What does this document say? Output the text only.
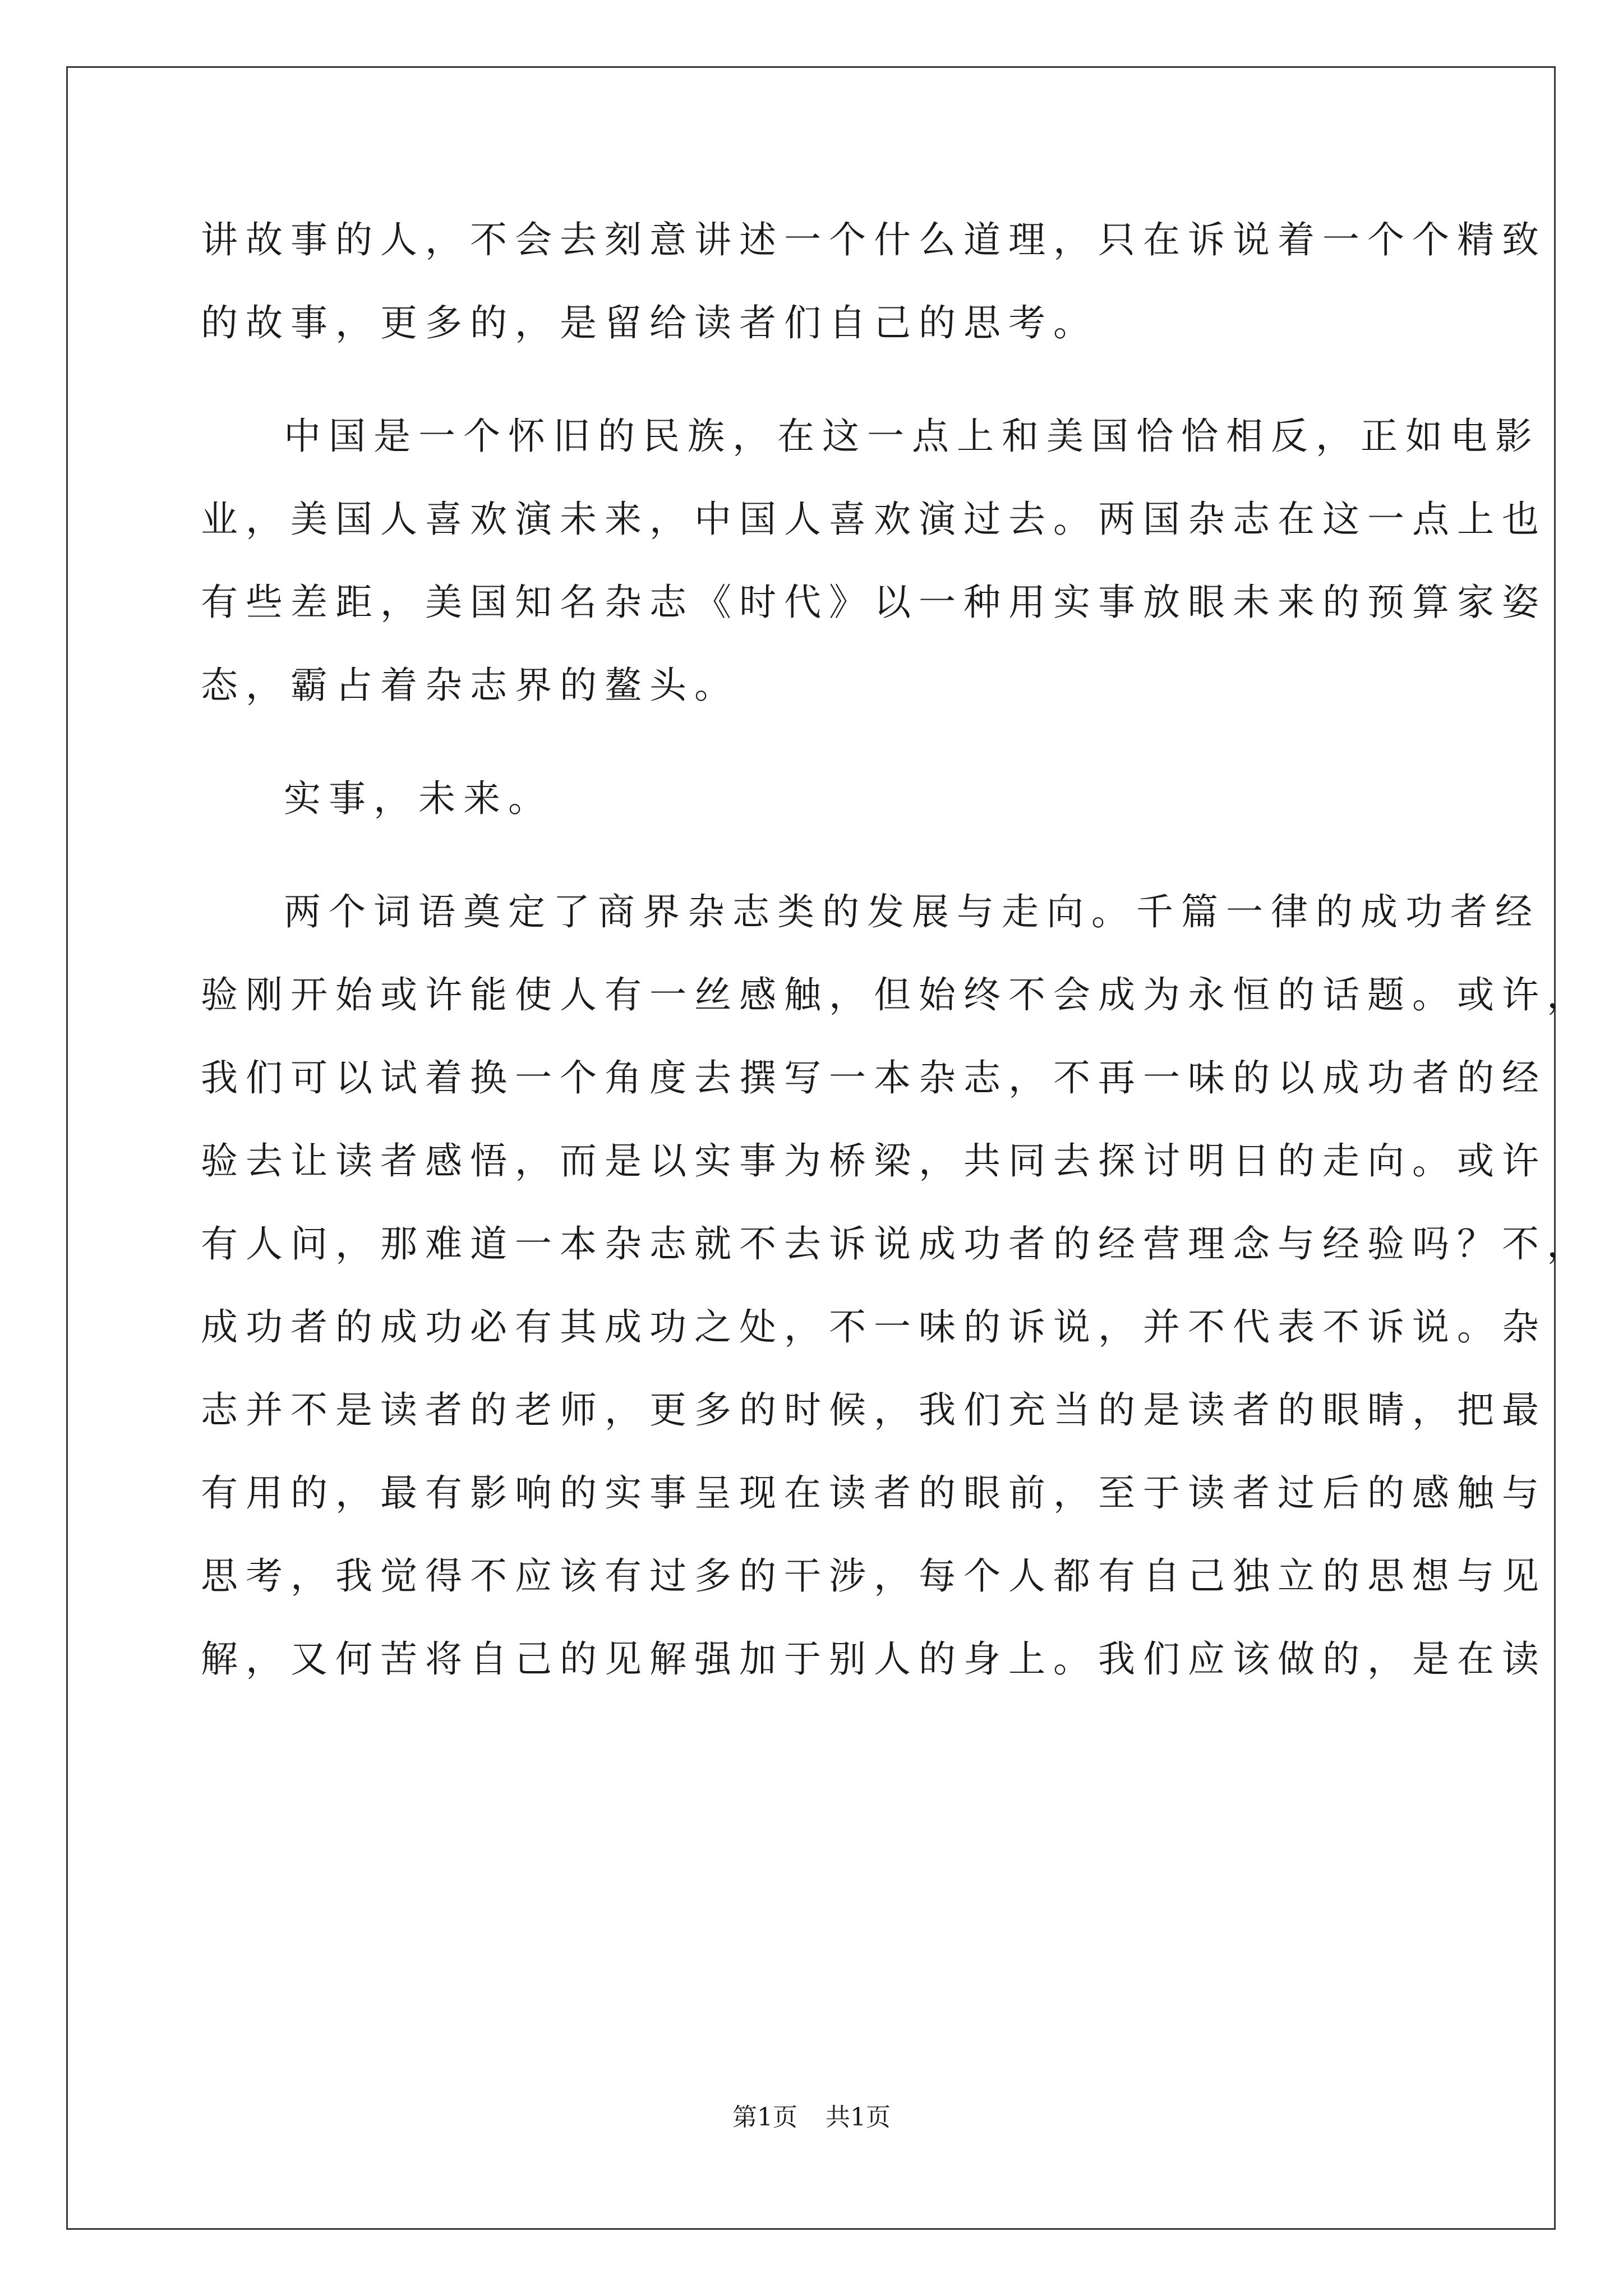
讲故事的人，不会去刻意讲述一个什么道理，只在诉说着一个个精致
的故事，更多的，是留给读者们自己的思考。
中国是一个怀旧的民族，在这一点上和美国恰恰相反，正如电影
业，美国人喜欢演未来，中国人喜欢演过去。两国杂志在这一点上也
有些差距，美国知名杂志《时代》以一种用实事放眼未来的预算家姿
态，霸占着杂志界的鳌头。
实事，未来。
两个词语奠定了商界杂志类的发展与走向。千篇一律的成功者经
验刚开始或许能使人有一丝感触，但始终不会成为永恒的话题。或许，
我们可以试着换一个角度去撰写一本杂志，不再一味的以成功者的经
验去让读者感悟，而是以实事为桥梁，共同去探讨明日的走向。或许
有人问，那难道一本杂志就不去诉说成功者的经营理念与经验吗？不，
成功者的成功必有其成功之处，不一味的诉说，并不代表不诉说。杂
志并不是读者的老师，更多的时候，我们充当的是读者的眼睛，把最
有用的，最有影响的实事呈现在读者的眼前，至于读者过后的感触与
思考，我觉得不应该有过多的干涉，每个人都有自己独立的思想与见
解，又何苦将自己的见解强加于别人的身上。我们应该做的，是在读
第1页 共1页
